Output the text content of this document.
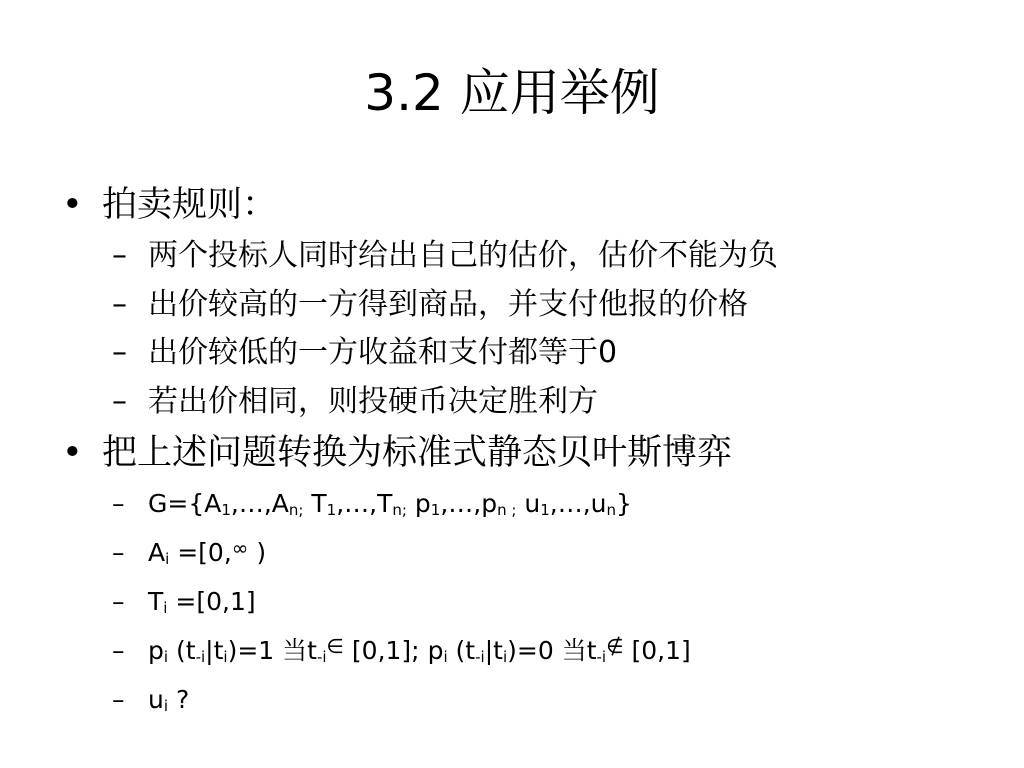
3.2 应用举例
• 拍卖规则：
– 两个投标人同时给出自己的估价，估价不能为负
– 出价较高的一方得到商品，并支付他报的价格
– 出价较低的一方收益和支付都等于0
– 若出价相同，则投硬币决定胜利方
• 把上述问题转换为标准式静态贝叶斯博弈
– $G=\{A_1,\dots,A_{n;}$ $T_1,\dots,T_{n;}$ $p_1,\dots,p_{n ;}$ $u_1,\dots,u_n$}
– $A_i =[0,^\infty$ )
– $T_i =[0,1]$
– $p_i$ $(t_{-i}|t_i)=1$ 当$t_{-i}^\in$ [0,1]; $p_i$ $(t_{-i}|t_i)=0$ 当$t_{-i}^\notin$ [0,1]
– $u_i$ ?
